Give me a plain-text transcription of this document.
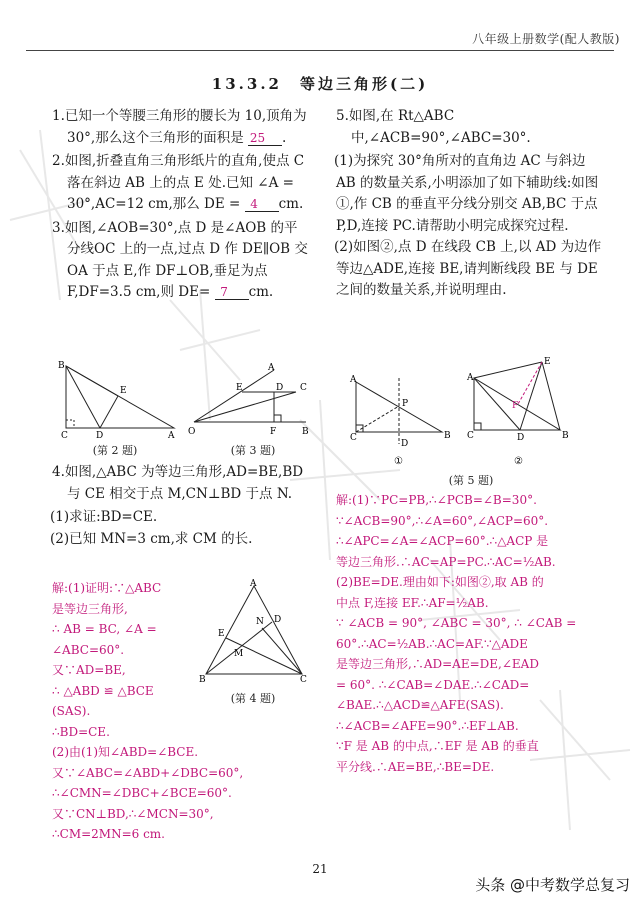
八年级上册数学(配人教版)
13.3.2　等边三角形(二)

1.已知一个等腰三角形的腰长为 10,顶角为 30°,那么这个三角形的面积是 25 .

2.如图,折叠直角三角形纸片的直角,使点 C 落在斜边 AB 上的点 E 处.已知 ∠A = 30°,AC=12 cm,那么 DE = 4 cm.

3.如图,∠AOB=30°,点 D 是∠AOB 的平分线OC 上的一点,过点 D 作 DE∥OB 交 OA 于点 E,作 DF⊥OB,垂足为点 F,DF=3.5 cm,则 DE= 7 cm.

B
E
C	D	A
(第 2 题)
O	B
F
A
C
D
E
(第 3 题)

4.如图,△ABC 为等边三角形,AD=BE,BD 与 CE 相交于点 M,CN⊥BD 于点 N.

(1)求证:BD=CE.

(2)已知 MN=3 cm,求 CM 的长.

解:(1)证明:∵△ABC
是等边三角形,
∴ AB = BC, ∠A =
∠ABC=60°.
又∵AD=BE,
∴ △ABD ≌ △BCE
(SAS).
∴BD=CE.
(2)由(1)知∠ABD=∠BCE.
又∵∠ABC=∠ABD+∠DBC=60°,
∴∠CMN=∠DBC+∠BCE=60°.
又∵CN⊥BD,∴∠MCN=30°,
∴CM=2MN=6 cm.
A
B	C
D
E
N
M
(第 4 题)

5.如图,在 Rt△ABC 中,∠ACB=90°,∠ABC=30°.

(1)为探究 30°角所对的直角边 AC 与斜边 AB 的数量关系,小明添加了如下辅助线:如图①,作 CB 的垂直平分线分别交 AB,BC 于点 P,D,连接 PC.请帮助小明完成探究过程.

(2)如图②,点 D 在线段 CB 上,以 AD 为边作等边△ADE,连接 BE,请判断线段 BE 与 DE 之间的数量关系,并说明理由.

A
C
P
D
B
①
E
A
F
C	D	B
②
(第 5 题)
解:(1)∵PC=PB,∴∠PCB=∠B=30°.
∵∠ACB=90°,∴∠A=60°,∠ACP=60°.
∴∠APC=∠A=∠ACP=60°.∴△ACP 是
等边三角形.∴AC=AP=PC.∴AC=½AB.
(2)BE=DE.理由如下:如图②,取 AB 的
中点 F,连接 EF.∴AF=½AB.
∵ ∠ACB = 90°, ∠ABC = 30°, ∴ ∠CAB =
60°.∴AC=½AB.∴AC=AF.∵△ADE
是等边三角形,∴AD=AE=DE,∠EAD
= 60°. ∴∠CAB=∠DAE.∴∠CAD=
∠BAE.∴△ACD≌△AFE(SAS).
∴∠ACB=∠AFE=90°.∴EF⊥AB.
∵F 是 AB 的中点,∴EF 是 AB 的垂直
平分线.∴AE=BE,∴BE=DE.
21
头条 @中考数学总复习
